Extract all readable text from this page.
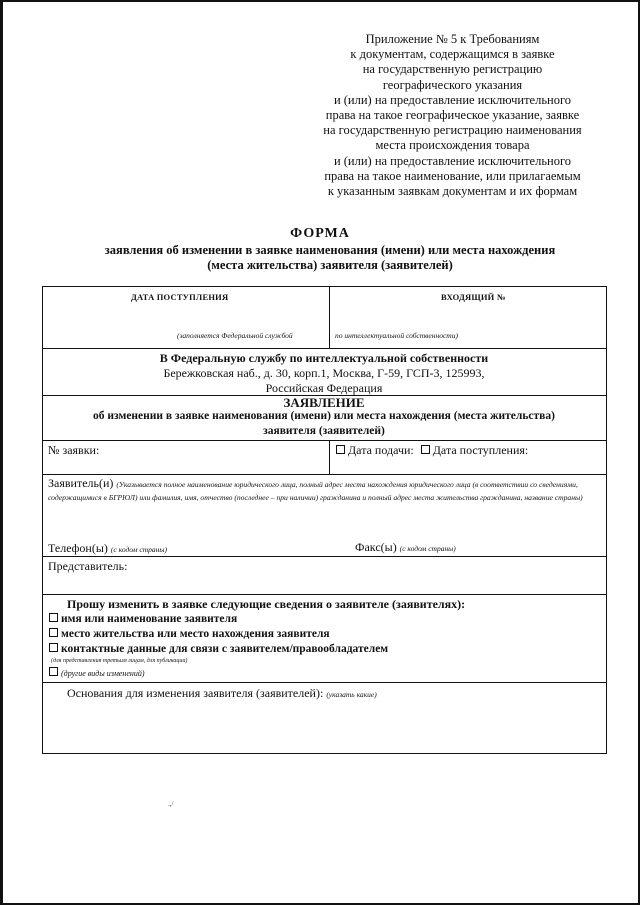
Приложение № 5 к Требованиям
к документам, содержащимся в заявке
на государственную регистрацию
географического указания
и (или) на предоставление исключительного
права на такое географическое указание, заявке
на государственную регистрацию наименования
места происхождения товара
и (или) на предоставление исключительного
права на такое наименование, или прилагаемым
к указанным заявкам документам и их формам
ФОРМА
заявления об изменении в заявке наименования (имени) или места нахождения
(места жительства) заявителя (заявителей)
ДАТА ПОСТУПЛЕНИЯ	ВХОДЯЩИЙ №
(заполняется Федеральной службой	по интеллектуальной собственности)
В Федеральную службу по интеллектуальной собственности
Бережковская наб., д. 30, корп.1, Москва, Г-59, ГСП-3, 125993,
Российская Федерация
ЗАЯВЛЕНИЕ
об изменении в заявке наименования (имени) или места нахождения (места жительства)
заявителя (заявителей)
№ заявки:	Дата подачи: Дата поступления:
Заявитель(и) (Указывается полное наименование юридического лица, полный адрес места нахождения юридического лица (в соответствии со сведениями, содержащимися в БГРЮЛ) или фамилия, имя, отчество (последнее – при наличии) гражданина и полный адрес места жительства гражданина, название страны)
Телефон(ы) (с кодом страны)	Факс(ы) (с кодом страны)
Представитель:
Прошу изменить в заявке следующие сведения о заявителе (заявителях):
имя или наименование заявителя
место жительства или место нахождения заявителя
контактные данные для связи с заявителем/правообладателем
(для представления третьим лицам, для публикации)
(другие виды изменений)
Основания для изменения заявителя (заявителей): (указать какие)
.,/
